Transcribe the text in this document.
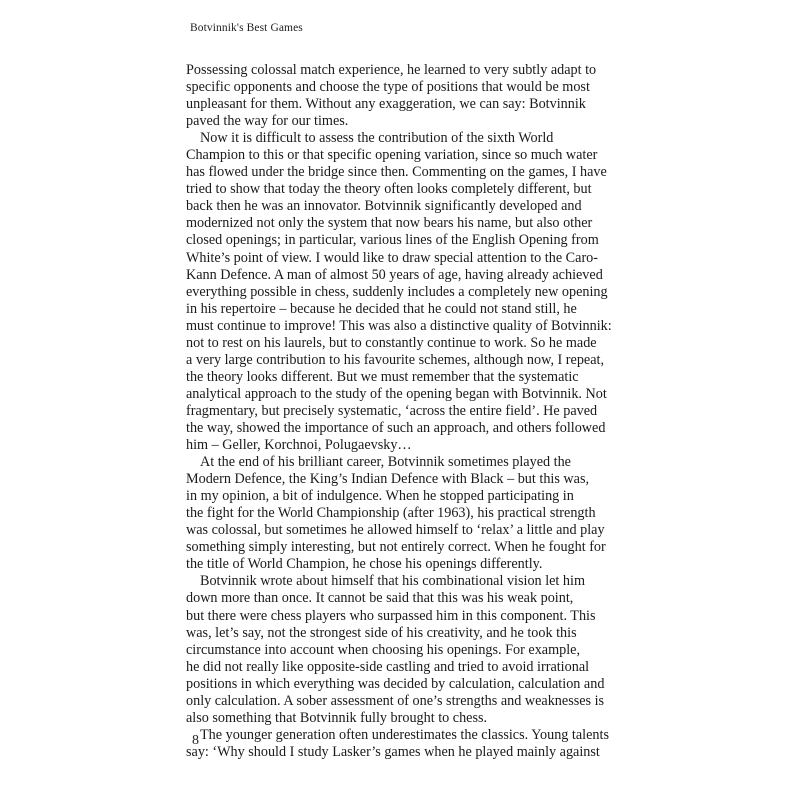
Botvinnik's Best Games
Possessing colossal match experience, he learned to very subtly adapt to
specific opponents and choose the type of positions that would be most
unpleasant for them. Without any exaggeration, we can say: Botvinnik
paved the way for our times.
Now it is difficult to assess the contribution of the sixth World
Champion to this or that specific opening variation, since so much water
has flowed under the bridge since then. Commenting on the games, I have
tried to show that today the theory often looks completely different, but
back then he was an innovator. Botvinnik significantly developed and
modernized not only the system that now bears his name, but also other
closed openings; in particular, various lines of the English Opening from
White’s point of view. I would like to draw special attention to the Caro-
Kann Defence. A man of almost 50 years of age, having already achieved
everything possible in chess, suddenly includes a completely new opening
in his repertoire – because he decided that he could not stand still, he
must continue to improve! This was also a distinctive quality of Botvinnik:
not to rest on his laurels, but to constantly continue to work. So he made
a very large contribution to his favourite schemes, although now, I repeat,
the theory looks different. But we must remember that the systematic
analytical approach to the study of the opening began with Botvinnik. Not
fragmentary, but precisely systematic, ‘across the entire field’. He paved
the way, showed the importance of such an approach, and others followed
him – Geller, Korchnoi, Polugaevsky…
At the end of his brilliant career, Botvinnik sometimes played the
Modern Defence, the King’s Indian Defence with Black – but this was,
in my opinion, a bit of indulgence. When he stopped participating in
the fight for the World Championship (after 1963), his practical strength
was colossal, but sometimes he allowed himself to ‘relax’ a little and play
something simply interesting, but not entirely correct. When he fought for
the title of World Champion, he chose his openings differently.
Botvinnik wrote about himself that his combinational vision let him
down more than once. It cannot be said that this was his weak point,
but there were chess players who surpassed him in this component. This
was, let’s say, not the strongest side of his creativity, and he took this
circumstance into account when choosing his openings. For example,
he did not really like opposite-side castling and tried to avoid irrational
positions in which everything was decided by calculation, calculation and
only calculation. A sober assessment of one’s strengths and weaknesses is
also something that Botvinnik fully brought to chess.
The younger generation often underestimates the classics. Young talents
say: ‘Why should I study Lasker’s games when he played mainly against
8
